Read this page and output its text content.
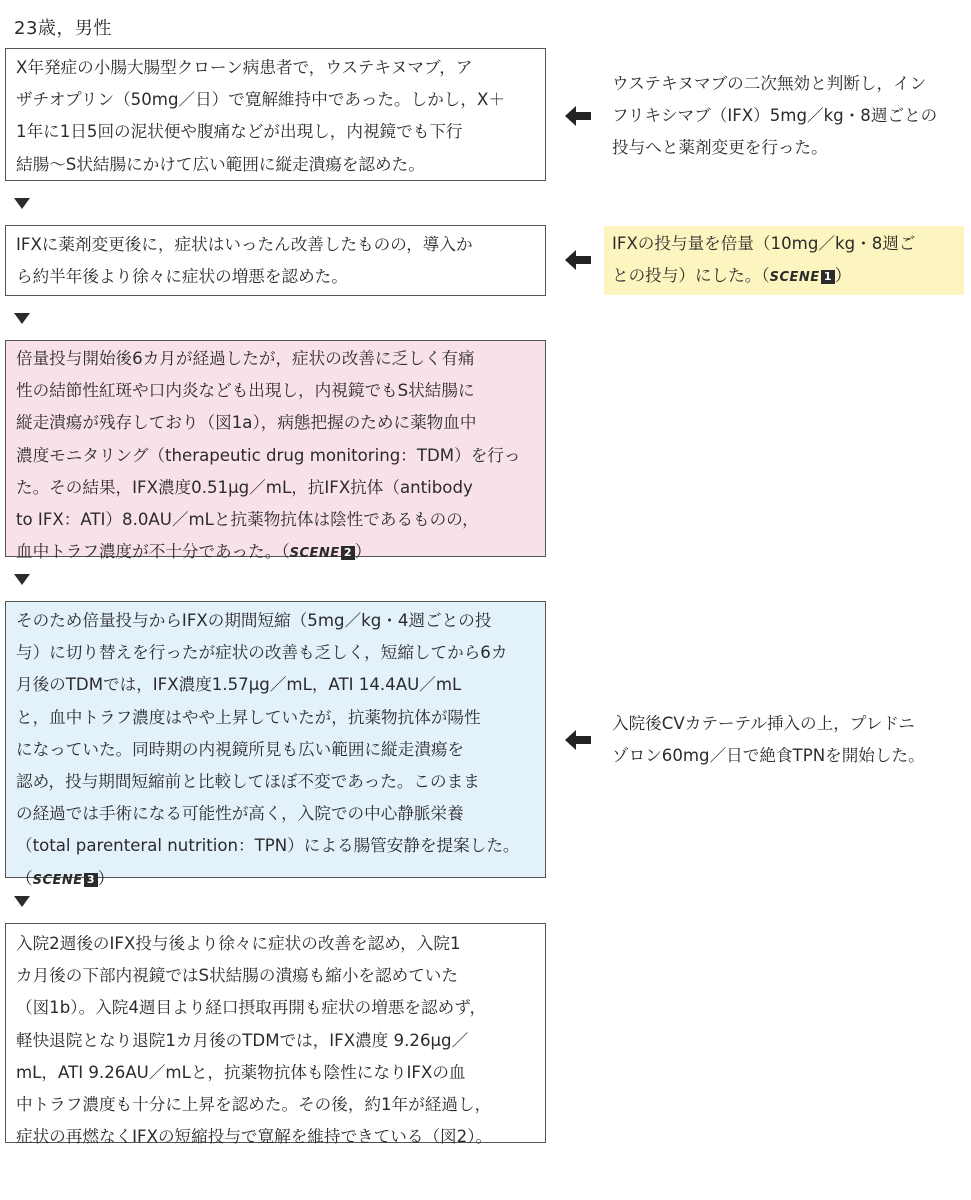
23歳，男性
X年発症の小腸大腸型クローン病患者で，ウステキヌマブ，ア
ザチオプリン（50mg／日）で寛解維持中であった。しかし，X＋
1年に1日5回の泥状便や腹痛などが出現し，内視鏡でも下行
結腸～S状結腸にかけて広い範囲に縦走潰瘍を認めた。
ウステキヌマブの二次無効と判断し，イン
フリキシマブ（IFX）5mg／kg・8週ごとの
投与へと薬剤変更を行った。
IFXに薬剤変更後に，症状はいったん改善したものの，導入か
ら約半年後より徐々に症状の増悪を認めた。
IFXの投与量を倍量（10mg／kg・8週ご
との投与）にした。（SCENE 1 ）
倍量投与開始後6カ月が経過したが，症状の改善に乏しく有痛
性の結節性紅斑や口内炎なども出現し，内視鏡でもS状結腸に
縦走潰瘍が残存しており（図1a），病態把握のために薬物血中
濃度モニタリング（therapeutic drug monitoring：TDM）を行っ
た。その結果，IFX濃度0.51μg／mL，抗IFX抗体（antibody
to IFX：ATI）8.0AU／mLと抗薬物抗体は陰性であるものの，
血中トラフ濃度が不十分であった。（SCENE 2 ）
そのため倍量投与からIFXの期間短縮（5mg／kg・4週ごとの投
与）に切り替えを行ったが症状の改善も乏しく，短縮してから6カ
月後のTDMでは，IFX濃度1.57μg／mL，ATI 14.4AU／mL
と，血中トラフ濃度はやや上昇していたが，抗薬物抗体が陽性
になっていた。同時期の内視鏡所見も広い範囲に縦走潰瘍を
認め，投与期間短縮前と比較してほぼ不変であった。このまま
の経過では手術になる可能性が高く，入院での中心静脈栄養
（total parenteral nutrition：TPN）による腸管安静を提案した。
（SCENE 3 ）
入院後CVカテーテル挿入の上，プレドニ
ゾロン60mg／日で絶食TPNを開始した。
入院2週後のIFX投与後より徐々に症状の改善を認め，入院1
カ月後の下部内視鏡ではS状結腸の潰瘍も縮小を認めていた
（図1b）。入院4週目より経口摂取再開も症状の増悪を認めず，
軽快退院となり退院1カ月後のTDMでは，IFX濃度 9.26μg／
mL，ATI 9.26AU／mLと，抗薬物抗体も陰性になりIFXの血
中トラフ濃度も十分に上昇を認めた。その後，約1年が経過し，
症状の再燃なくIFXの短縮投与で寛解を維持できている（図2）。
